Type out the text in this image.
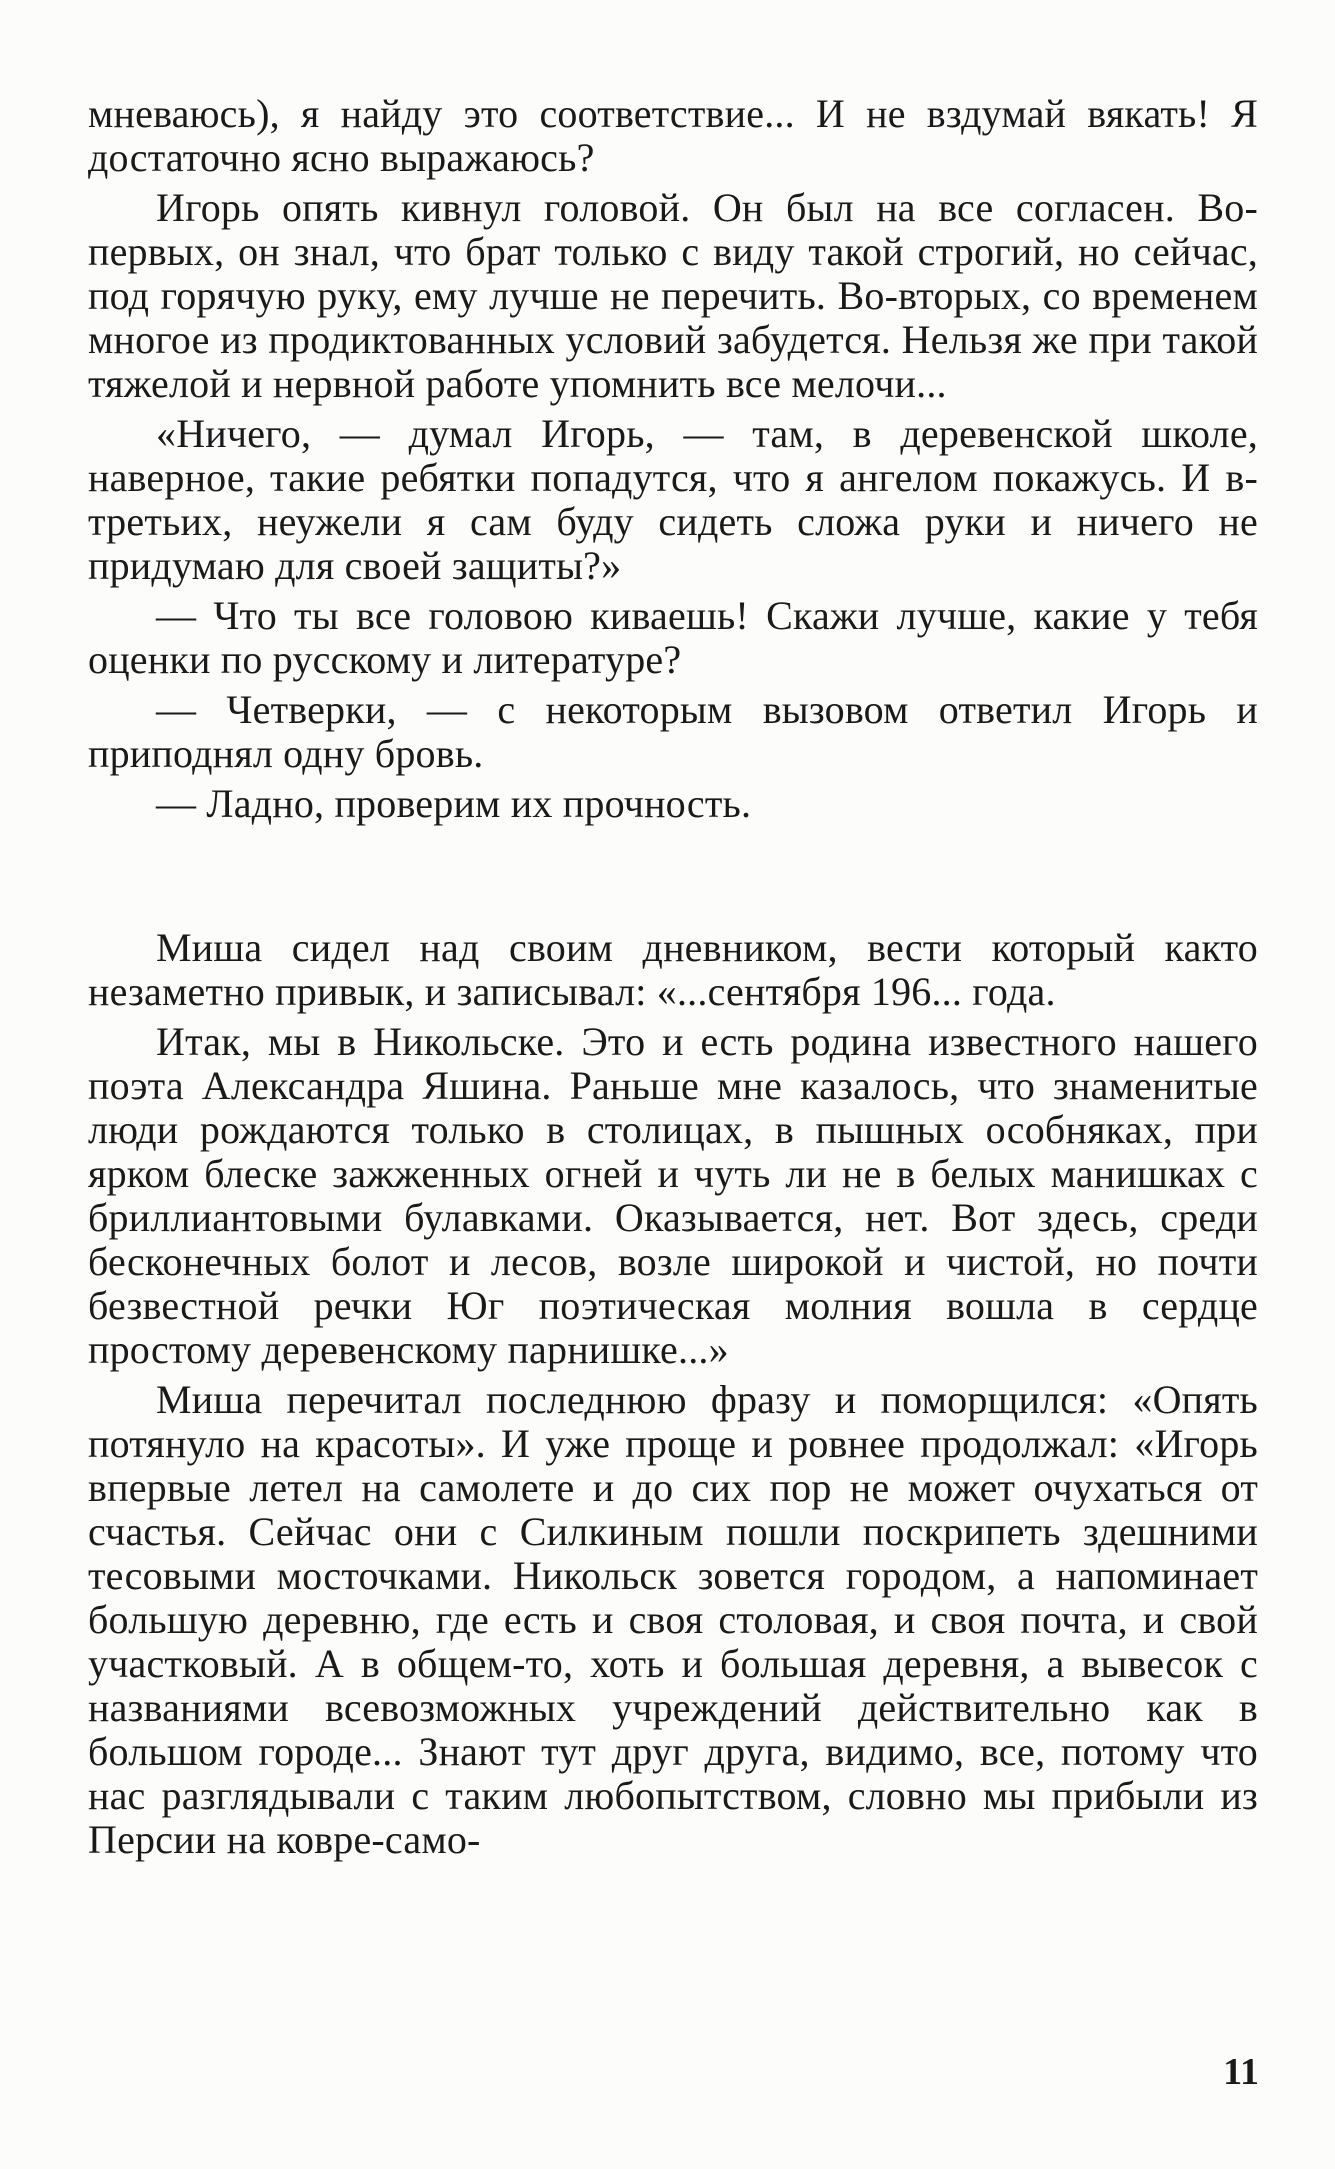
мневаюсь), я найду это соответствие... И не вздумай вякать! Я достаточно ясно выражаюсь?

Игорь опять кивнул головой. Он был на все согласен. Во-первых, он знал, что брат только с виду такой строгий, но сейчас, под горячую руку, ему лучше не перечить. Во-вторых, со временем многое из продиктованных условий забудется. Нельзя же при такой тяжелой и нервной работе упомнить все мелочи...

«Ничего, — думал Игорь, — там, в деревенской школе, наверное, такие ребятки попадутся, что я ангелом покажусь. И в-третьих, неужели я сам буду сидеть сложа руки и ничего не придумаю для своей защиты?»

— Что ты все головою киваешь! Скажи лучше, какие у тебя оценки по русскому и литературе?

— Четверки, — с некоторым вызовом ответил Игорь и приподнял одну бровь.

— Ладно, проверим их прочность.

Миша сидел над своим дневником, вести который както незаметно привык, и записывал: «...сентября 196... года.

Итак, мы в Никольске. Это и есть родина известного нашего поэта Александра Яшина. Раньше мне казалось, что знаменитые люди рождаются только в столицах, в пышных особняках, при ярком блеске зажженных огней и чуть ли не в белых манишках с бриллиантовыми булавками. Оказывается, нет. Вот здесь, среди бесконечных болот и лесов, возле широкой и чистой, но почти безвестной речки Юг поэтическая молния вошла в сердце простому деревенскому парнишке...»

Миша перечитал последнюю фразу и поморщился: «Опять потянуло на красоты». И уже проще и ровнее продолжал: «Игорь впервые летел на самолете и до сих пор не может очухаться от счастья. Сейчас они с Силкиным пошли поскрипеть здешними тесовыми мосточками. Никольск зовется городом, а напоминает большую деревню, где есть и своя столовая, и своя почта, и свой участковый. А в общем-то, хоть и большая деревня, а вывесок с названиями всевозможных учреждений действительно как в большом городе... Знают тут друг друга, видимо, все, потому что нас разглядывали с таким любопытством, словно мы прибыли из Персии на ковре-само-

11
